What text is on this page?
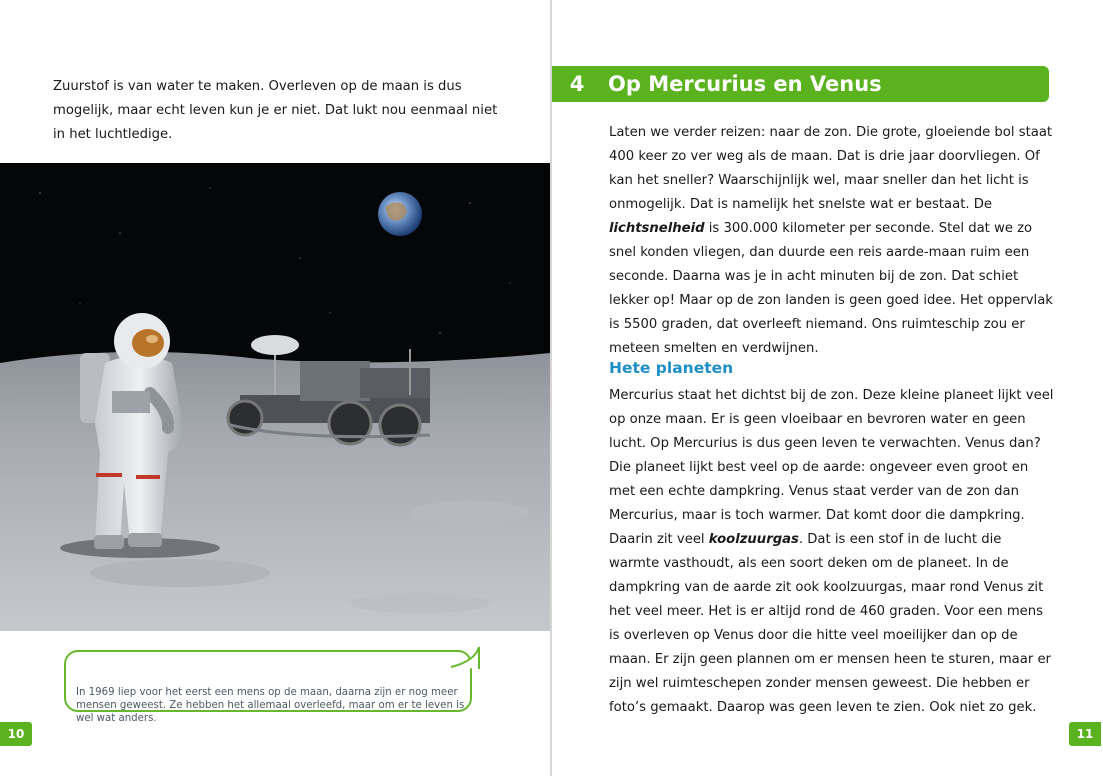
Zuurstof is van water te maken. Overleven op de maan is dus mogelijk, maar echt leven kun je er niet. Dat lukt nou eenmaal niet in het luchtledige.

In 1969 liep voor het eerst een mens op de maan, daarna zijn er nog meer mensen geweest. Ze hebben het allemaal overleefd, maar om er te leven is wel wat anders.
10
4	Op Mercurius en Venus

Laten we verder reizen: naar de zon. Die grote, gloeiende bol staat 400 keer zo ver weg als de maan. Dat is drie jaar doorvliegen. Of kan het sneller? Waarschijnlijk wel, maar sneller dan het licht is onmogelijk. Dat is namelijk het snelste wat er bestaat. De lichtsnelheid is 300.000 kilometer per seconde. Stel dat we zo snel konden vliegen, dan duurde een reis aarde-maan ruim een seconde. Daarna was je in acht minuten bij de zon. Dat schiet lekker op! Maar op de zon landen is geen goed idee. Het oppervlak is 5500 graden, dat overleeft niemand. Ons ruimteschip zou er meteen smelten en verdwijnen.

Hete planeten

Mercurius staat het dichtst bij de zon. Deze kleine planeet lijkt veel op onze maan. Er is geen vloeibaar en bevroren water en geen lucht. Op Mercurius is dus geen leven te verwachten. Venus dan? Die planeet lijkt best veel op de aarde: ongeveer even groot en met een echte dampkring. Venus staat verder van de zon dan Mercurius, maar is toch warmer. Dat komt door die dampkring. Daarin zit veel koolzuurgas. Dat is een stof in de lucht die warmte vasthoudt, als een soort deken om de planeet. In de dampkring van de aarde zit ook koolzuurgas, maar rond Venus zit het veel meer. Het is er altijd rond de 460 graden. Voor een mens is overleven op Venus door die hitte veel moeilijker dan op de maan. Er zijn geen plannen om er mensen heen te sturen, maar er zijn wel ruimteschepen zonder mensen geweest. Die hebben er foto’s gemaakt. Daarop was geen leven te zien. Ook niet zo gek.

11
